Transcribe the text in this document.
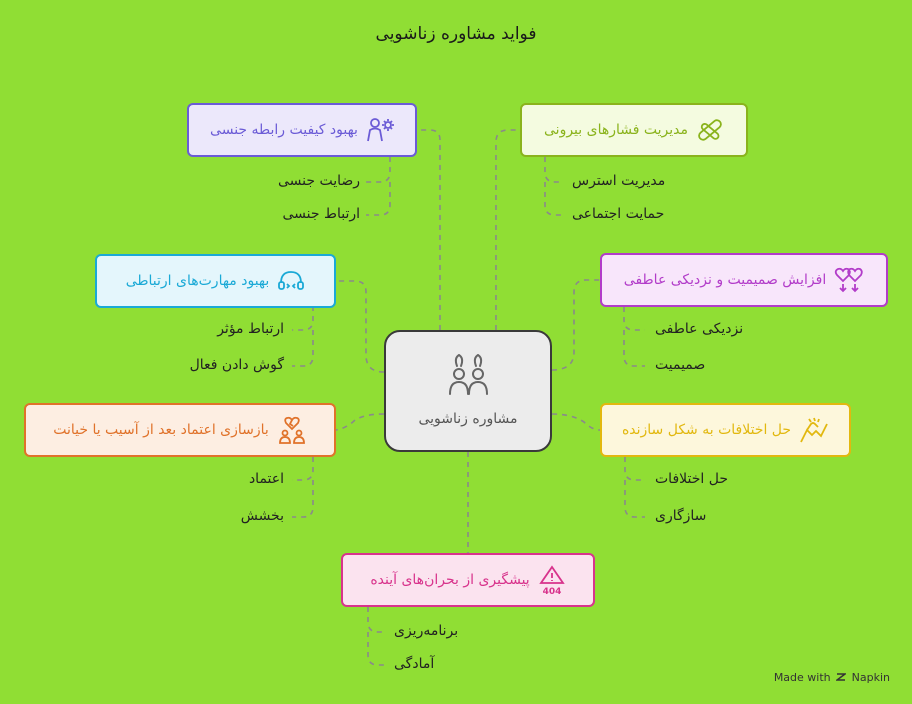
فواید مشاوره زناشویی
مشاوره زناشویی
بهبود کیفیت رابطه جنسی
رضایت جنسی
ارتباط جنسی
مدیریت فشارهای بیرونی
مدیریت استرس
حمایت اجتماعی
بهبود مهارت‌های ارتباطی
ارتباط مؤثر
گوش دادن فعال
افزایش صمیمیت و نزدیکی عاطفی
نزدیکی عاطفی
صمیمیت
بازسازی اعتماد بعد از آسیب یا خیانت
اعتماد
بخشش
حل اختلافات به شکل سازنده
حل اختلافات
سازگاری
404
پیشگیری از بحران‌های آینده
برنامه‌ریزی
آمادگی
Made with Napkin
